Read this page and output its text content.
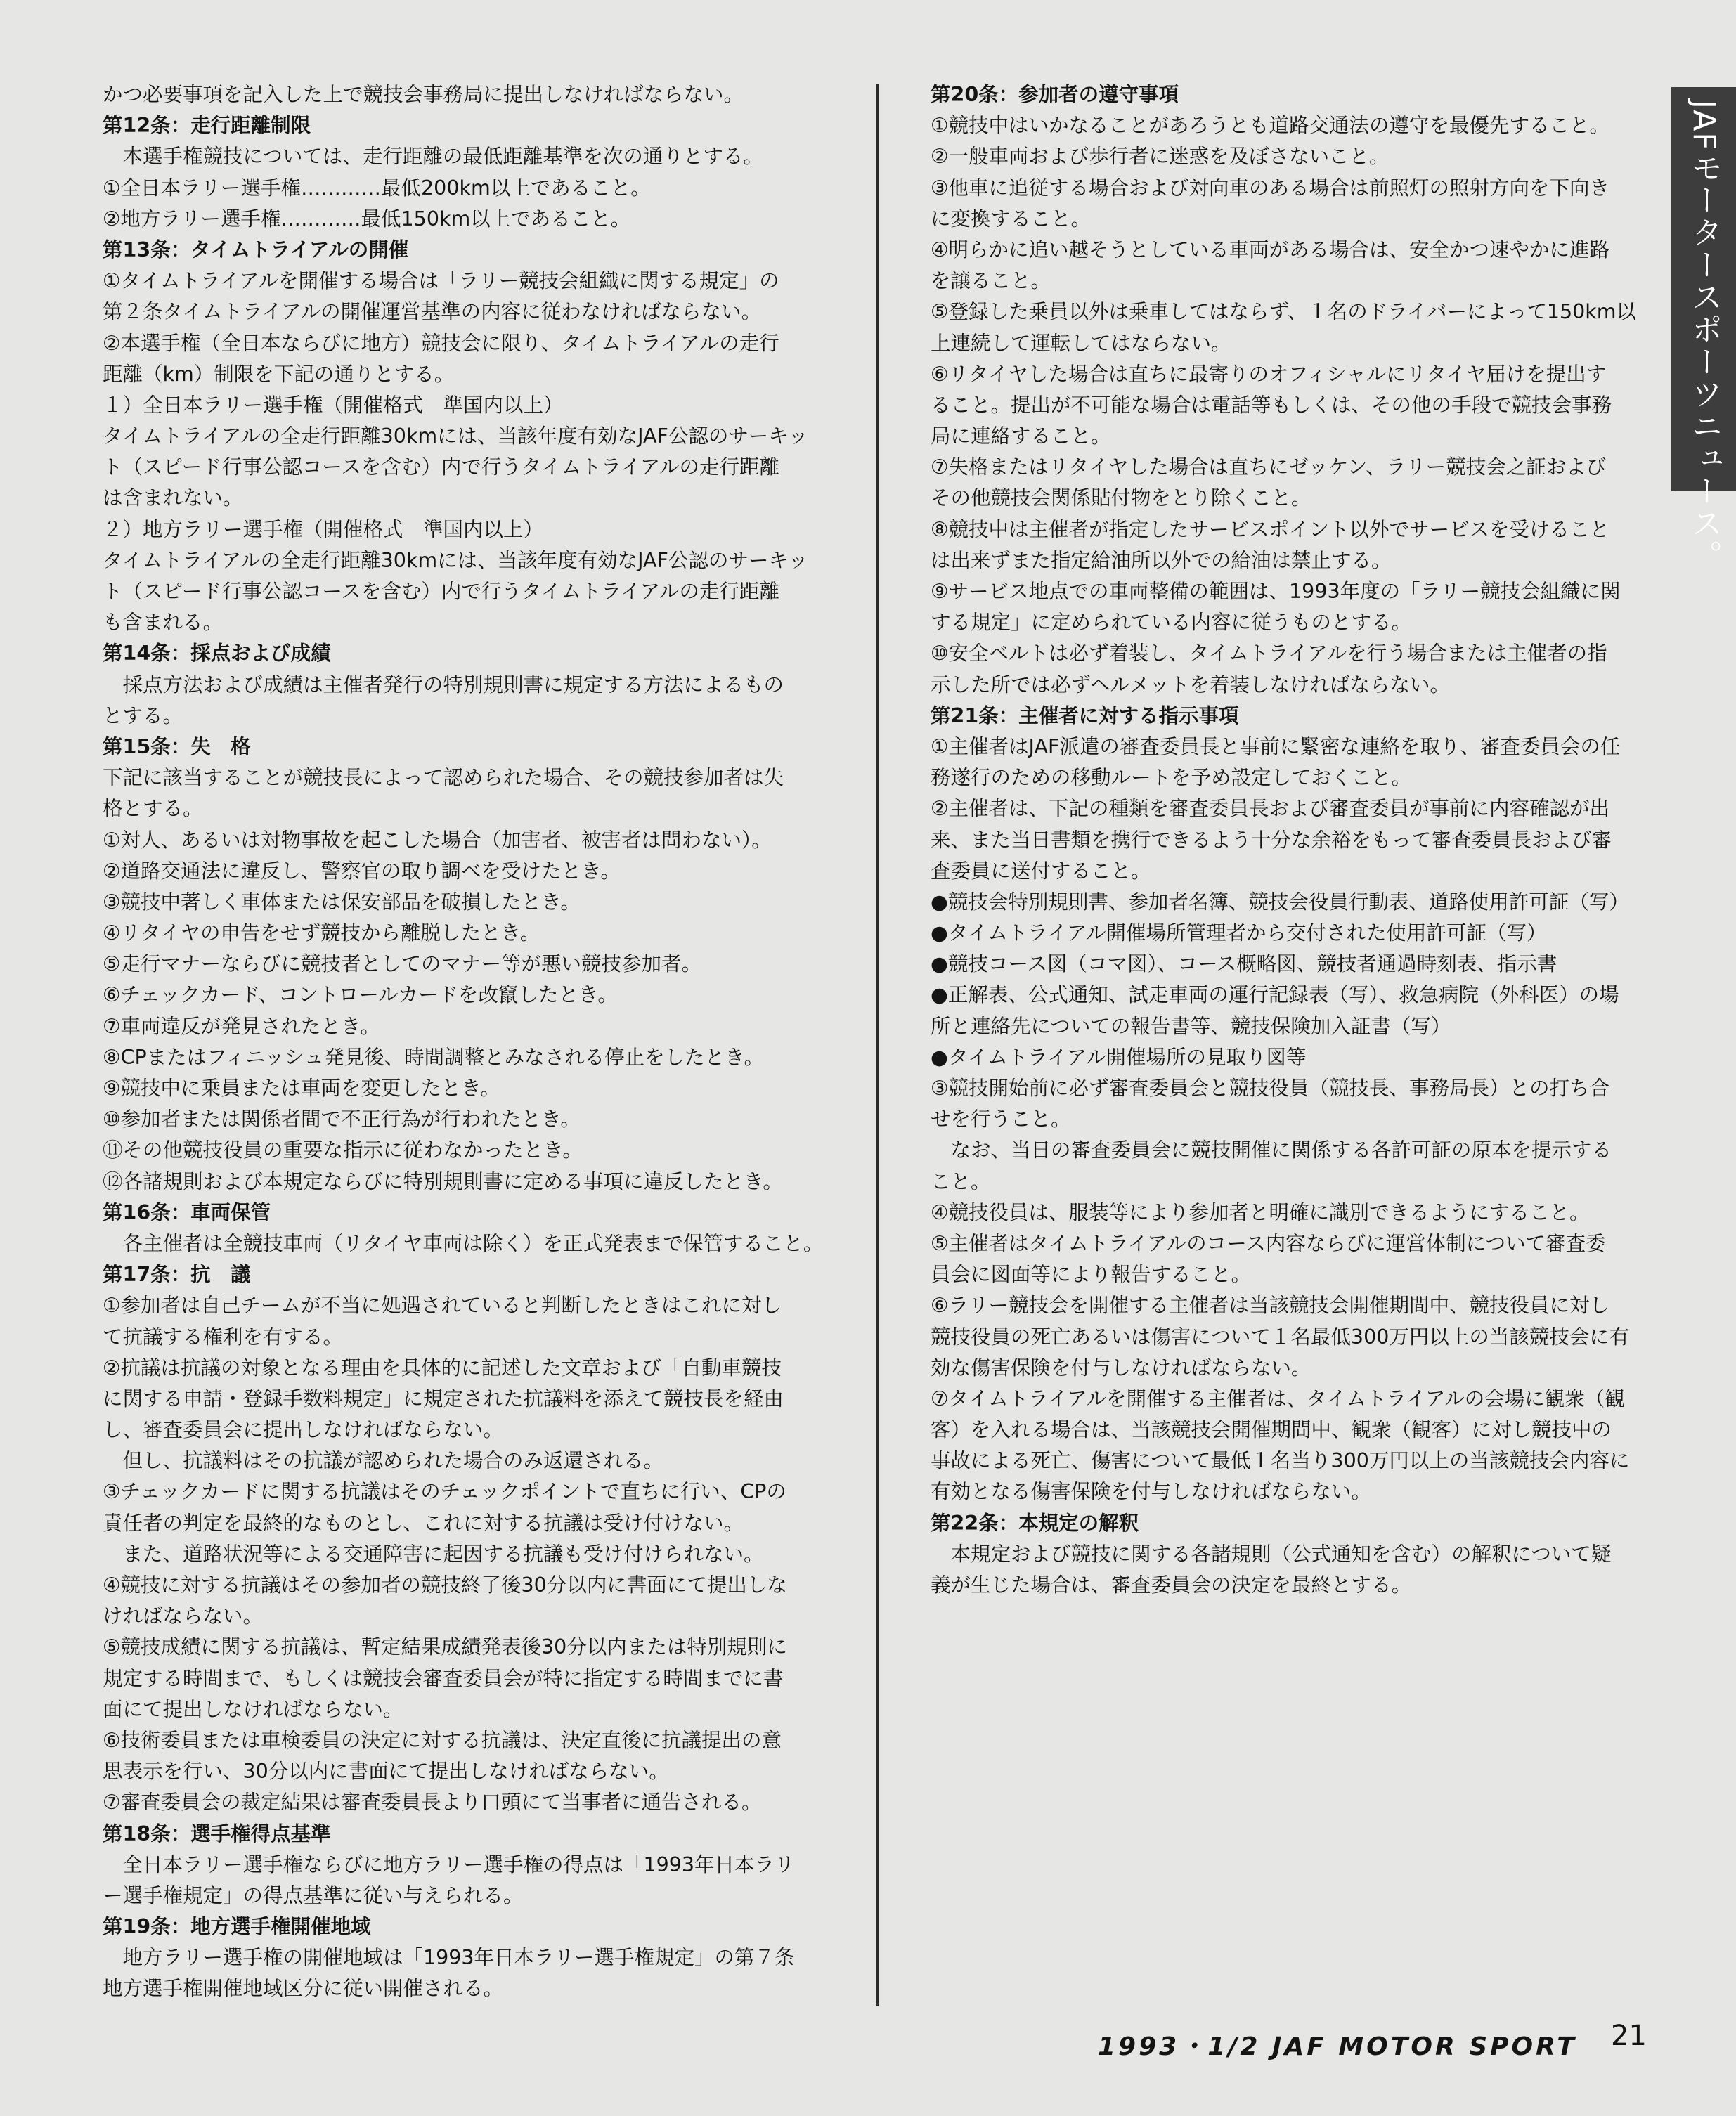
かつ必要事項を記入した上で競技会事務局に提出しなければならない。
第12条：走行距離制限
　本選手権競技については、走行距離の最低距離基準を次の通りとする。
①全日本ラリー選手権…………最低200km以上であること。
②地方ラリー選手権…………最低150km以上であること。
第13条：タイムトライアルの開催
①タイムトライアルを開催する場合は「ラリー競技会組織に関する規定」の
第２条タイムトライアルの開催運営基準の内容に従わなければならない。
②本選手権（全日本ならびに地方）競技会に限り、タイムトライアルの走行
距離（km）制限を下記の通りとする。
１）全日本ラリー選手権（開催格式　準国内以上）
タイムトライアルの全走行距離30kmには、当該年度有効なJAF公認のサーキッ
ト（スピード行事公認コースを含む）内で行うタイムトライアルの走行距離
は含まれない。
２）地方ラリー選手権（開催格式　準国内以上）
タイムトライアルの全走行距離30kmには、当該年度有効なJAF公認のサーキッ
ト（スピード行事公認コースを含む）内で行うタイムトライアルの走行距離
も含まれる。
第14条：採点および成績
　採点方法および成績は主催者発行の特別規則書に規定する方法によるもの
とする。
第15条：失　格
下記に該当することが競技長によって認められた場合、その競技参加者は失
格とする。
①対人、あるいは対物事故を起こした場合（加害者、被害者は問わない）。
②道路交通法に違反し、警察官の取り調べを受けたとき。
③競技中著しく車体または保安部品を破損したとき。
④リタイヤの申告をせず競技から離脱したとき。
⑤走行マナーならびに競技者としてのマナー等が悪い競技参加者。
⑥チェックカード、コントロールカードを改竄したとき。
⑦車両違反が発見されたとき。
⑧CPまたはフィニッシュ発見後、時間調整とみなされる停止をしたとき。
⑨競技中に乗員または車両を変更したとき。
⑩参加者または関係者間で不正行為が行われたとき。
⑪その他競技役員の重要な指示に従わなかったとき。
⑫各諸規則および本規定ならびに特別規則書に定める事項に違反したとき。
第16条：車両保管
　各主催者は全競技車両（リタイヤ車両は除く）を正式発表まで保管すること。
第17条：抗　議
①参加者は自己チームが不当に処遇されていると判断したときはこれに対し
て抗議する権利を有する。
②抗議は抗議の対象となる理由を具体的に記述した文章および「自動車競技
に関する申請・登録手数料規定」に規定された抗議料を添えて競技長を経由
し、審査委員会に提出しなければならない。
　但し、抗議料はその抗議が認められた場合のみ返還される。
③チェックカードに関する抗議はそのチェックポイントで直ちに行い、CPの
責任者の判定を最終的なものとし、これに対する抗議は受け付けない。
　また、道路状況等による交通障害に起因する抗議も受け付けられない。
④競技に対する抗議はその参加者の競技終了後30分以内に書面にて提出しな
ければならない。
⑤競技成績に関する抗議は、暫定結果成績発表後30分以内または特別規則に
規定する時間まで、もしくは競技会審査委員会が特に指定する時間までに書
面にて提出しなければならない。
⑥技術委員または車検委員の決定に対する抗議は、決定直後に抗議提出の意
思表示を行い、30分以内に書面にて提出しなければならない。
⑦審査委員会の裁定結果は審査委員長より口頭にて当事者に通告される。
第18条：選手権得点基準
　全日本ラリー選手権ならびに地方ラリー選手権の得点は「1993年日本ラリ
ー選手権規定」の得点基準に従い与えられる。
第19条：地方選手権開催地域
　地方ラリー選手権の開催地域は「1993年日本ラリー選手権規定」の第７条
地方選手権開催地域区分に従い開催される。
第20条：参加者の遵守事項
①競技中はいかなることがあろうとも道路交通法の遵守を最優先すること。
②一般車両および歩行者に迷惑を及ぼさないこと。
③他車に追従する場合および対向車のある場合は前照灯の照射方向を下向き
に変換すること。
④明らかに追い越そうとしている車両がある場合は、安全かつ速やかに進路
を譲ること。
⑤登録した乗員以外は乗車してはならず、１名のドライバーによって150km以
上連続して運転してはならない。
⑥リタイヤした場合は直ちに最寄りのオフィシャルにリタイヤ届けを提出す
ること。提出が不可能な場合は電話等もしくは、その他の手段で競技会事務
局に連絡すること。
⑦失格またはリタイヤした場合は直ちにゼッケン、ラリー競技会之証および
その他競技会関係貼付物をとり除くこと。
⑧競技中は主催者が指定したサービスポイント以外でサービスを受けること
は出来ずまた指定給油所以外での給油は禁止する。
⑨サービス地点での車両整備の範囲は、1993年度の「ラリー競技会組織に関
する規定」に定められている内容に従うものとする。
⑩安全ベルトは必ず着装し、タイムトライアルを行う場合または主催者の指
示した所では必ずヘルメットを着装しなければならない。
第21条：主催者に対する指示事項
①主催者はJAF派遣の審査委員長と事前に緊密な連絡を取り、審査委員会の任
務遂行のための移動ルートを予め設定しておくこと。
②主催者は、下記の種類を審査委員長および審査委員が事前に内容確認が出
来、また当日書類を携行できるよう十分な余裕をもって審査委員長および審
査委員に送付すること。
●競技会特別規則書、参加者名簿、競技会役員行動表、道路使用許可証（写）
●タイムトライアル開催場所管理者から交付された使用許可証（写）
●競技コース図（コマ図）、コース概略図、競技者通過時刻表、指示書
●正解表、公式通知、試走車両の運行記録表（写）、救急病院（外科医）の場
所と連絡先についての報告書等、競技保険加入証書（写）
●タイムトライアル開催場所の見取り図等
③競技開始前に必ず審査委員会と競技役員（競技長、事務局長）との打ち合
せを行うこと。
　なお、当日の審査委員会に競技開催に関係する各許可証の原本を提示する
こと。
④競技役員は、服装等により参加者と明確に識別できるようにすること。
⑤主催者はタイムトライアルのコース内容ならびに運営体制について審査委
員会に図面等により報告すること。
⑥ラリー競技会を開催する主催者は当該競技会開催期間中、競技役員に対し
競技役員の死亡あるいは傷害について１名最低300万円以上の当該競技会に有
効な傷害保険を付与しなければならない。
⑦タイムトライアルを開催する主催者は、タイムトライアルの会場に観衆（観
客）を入れる場合は、当該競技会開催期間中、観衆（観客）に対し競技中の
事故による死亡、傷害について最低１名当り300万円以上の当該競技会内容に
有効となる傷害保険を付与しなければならない。
第22条：本規定の解釈
　本規定および競技に関する各諸規則（公式通知を含む）の解釈について疑
義が生じた場合は、審査委員会の決定を最終とする。
JAFモータースポーツニュース。
1993・1/2 JAF MOTOR SPORT 21
